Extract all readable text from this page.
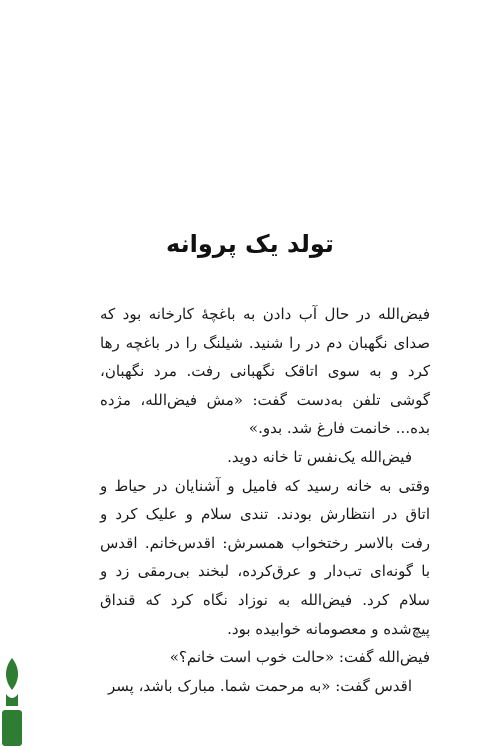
تولد یک پروانه

فیض‌الله در حال آب دادن به باغچهٔ کارخانه بود که صدای نگهبان دم در را شنید. شیلنگ را در باغچه رها کرد و به سوی اتاقک نگهبانی رفت. مرد نگهبان، گوشی تلفن به‌دست گفت: «مش فیض‌الله، مژده بده... خانمت فارغ شد. بدو.»

فیض‌الله یک‌نفس تا خانه دوید.

وقتی به خانه رسید که فامیل و آشنایان در حیاط و اتاق در انتظارش بودند. تندی سلام و علیک کرد و رفت بالاسر رختخواب همسرش: اقدس‌خانم. اقدس با گونه‌ای تب‌دار و عرق‌کرده، لبخند بی‌رمقی زد و سلام کرد. فیض‌الله به نوزاد نگاه کرد که قنداق پیچ‌شده و معصومانه خوابیده بود.

فیض‌الله گفت: «حالت خوب است خانم؟»

اقدس گفت: «به مرحمت شما. مبارک باشد، پسر
